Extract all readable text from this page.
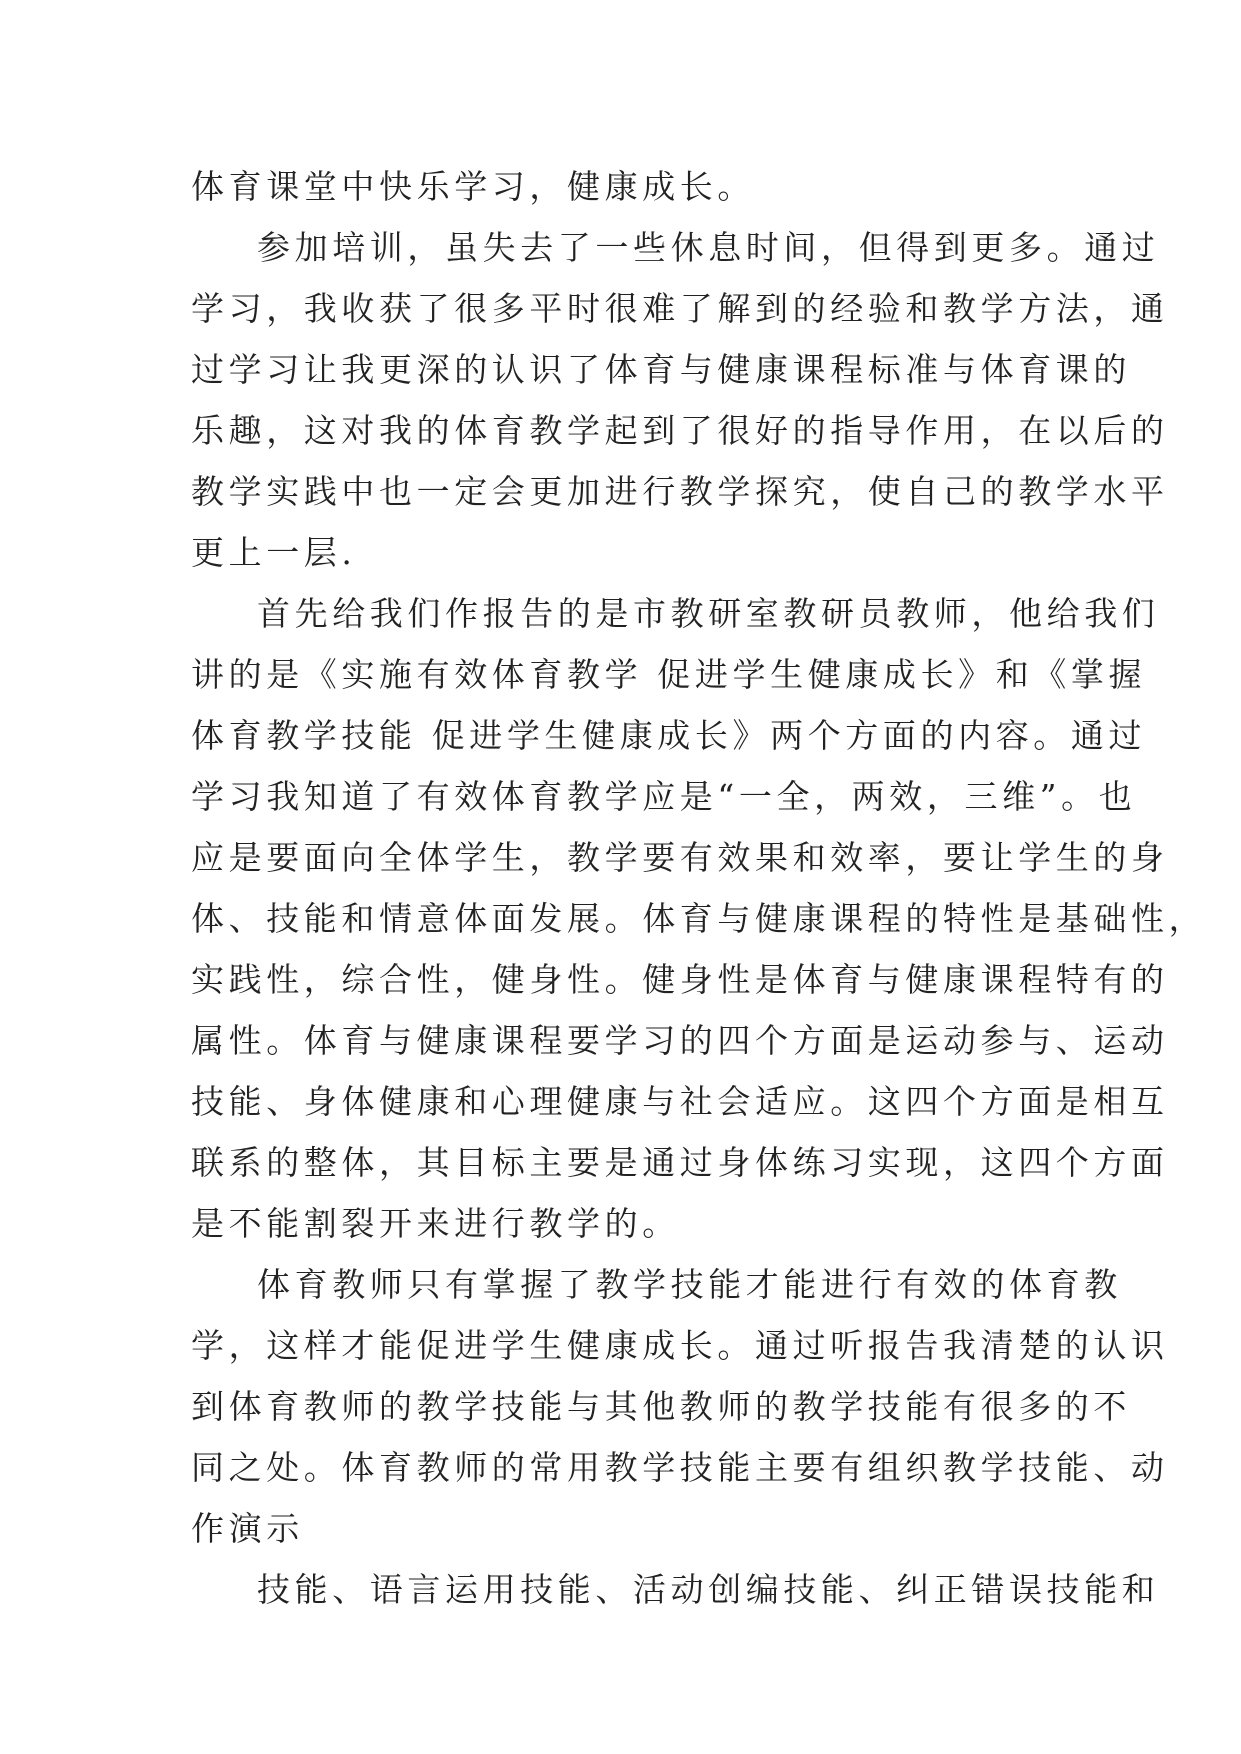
体育课堂中快乐学习，健康成长。
参加培训，虽失去了一些休息时间，但得到更多。通过
学习，我收获了很多平时很难了解到的经验和教学方法，通
过学习让我更深的认识了体育与健康课程标准与体育课的
乐趣，这对我的体育教学起到了很好的指导作用，在以后的
教学实践中也一定会更加进行教学探究，使自己的教学水平
更上一层.
首先给我们作报告的是市教研室教研员教师，他给我们
讲的是《实施有效体育教学 促进学生健康成长》和《掌握
体育教学技能 促进学生健康成长》两个方面的内容。通过
学习我知道了有效体育教学应是“一全，两效，三维”。也
应是要面向全体学生，教学要有效果和效率，要让学生的身
体、技能和情意体面发展。体育与健康课程的特性是基础性，
实践性，综合性，健身性。健身性是体育与健康课程特有的
属性。体育与健康课程要学习的四个方面是运动参与、运动
技能、身体健康和心理健康与社会适应。这四个方面是相互
联系的整体，其目标主要是通过身体练习实现，这四个方面
是不能割裂开来进行教学的。
体育教师只有掌握了教学技能才能进行有效的体育教
学，这样才能促进学生健康成长。通过听报告我清楚的认识
到体育教师的教学技能与其他教师的教学技能有很多的不
同之处。体育教师的常用教学技能主要有组织教学技能、动
作演示
技能、语言运用技能、活动创编技能、纠正错误技能和
